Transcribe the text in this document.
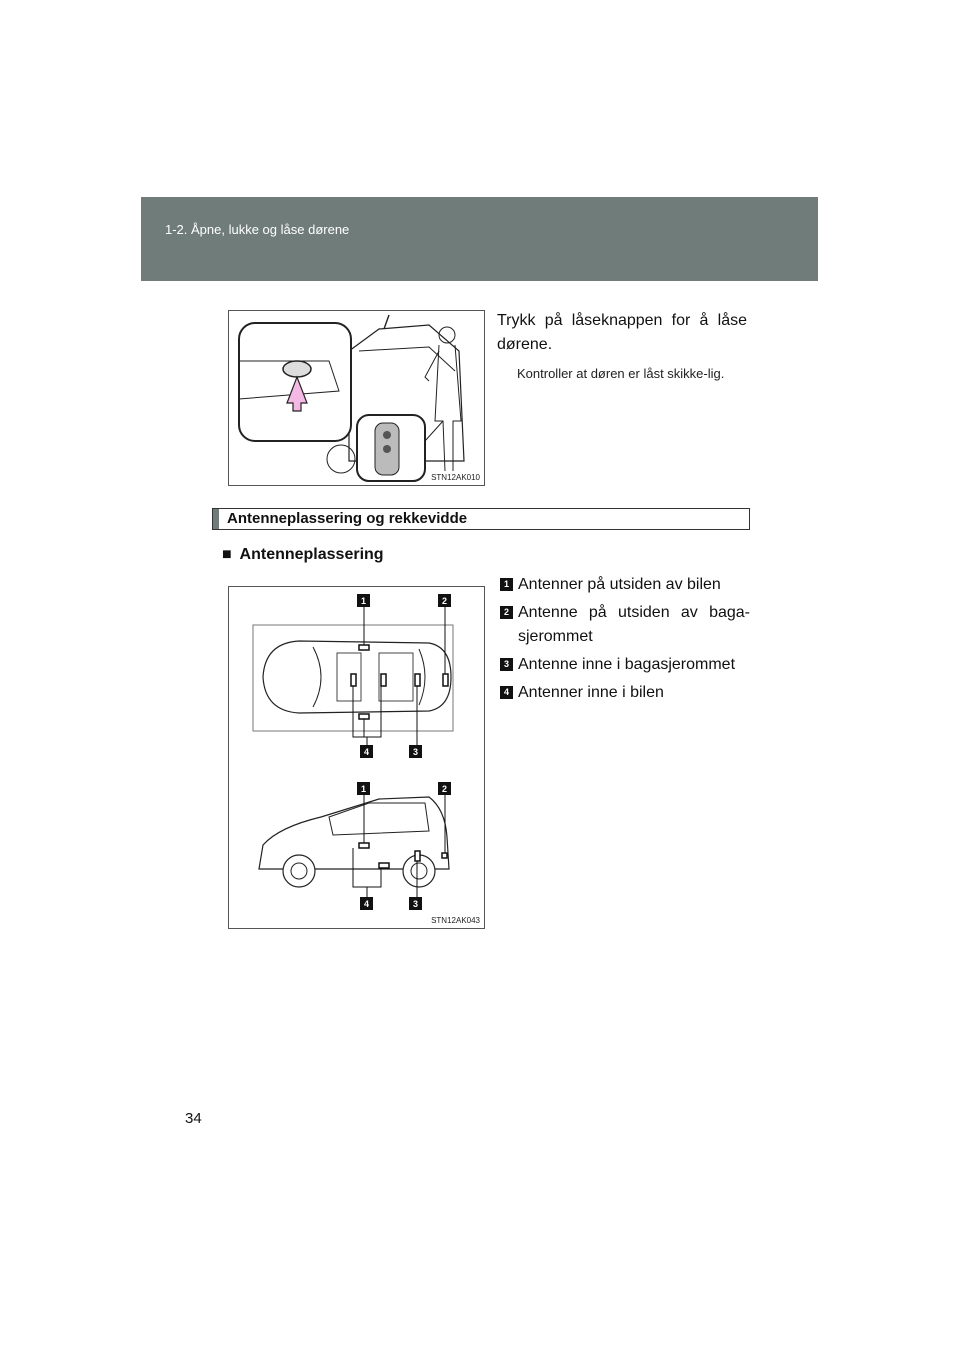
1-2. Åpne, lukke og låse dørene
STN12AK010
Trykk på låseknappen for å låse dørene.
Kontroller at døren er låst skikke-lig.
Antenneplassering og rekkevidde
■ Antenneplassering
1	2
3
4
1	2
3
4
STN12AK043
1 Antenner på utsiden av bilen
2 Antenne på utsiden av baga-sjerommet
3 Antenne inne i bagasjerommet
4 Antenner inne i bilen
34
